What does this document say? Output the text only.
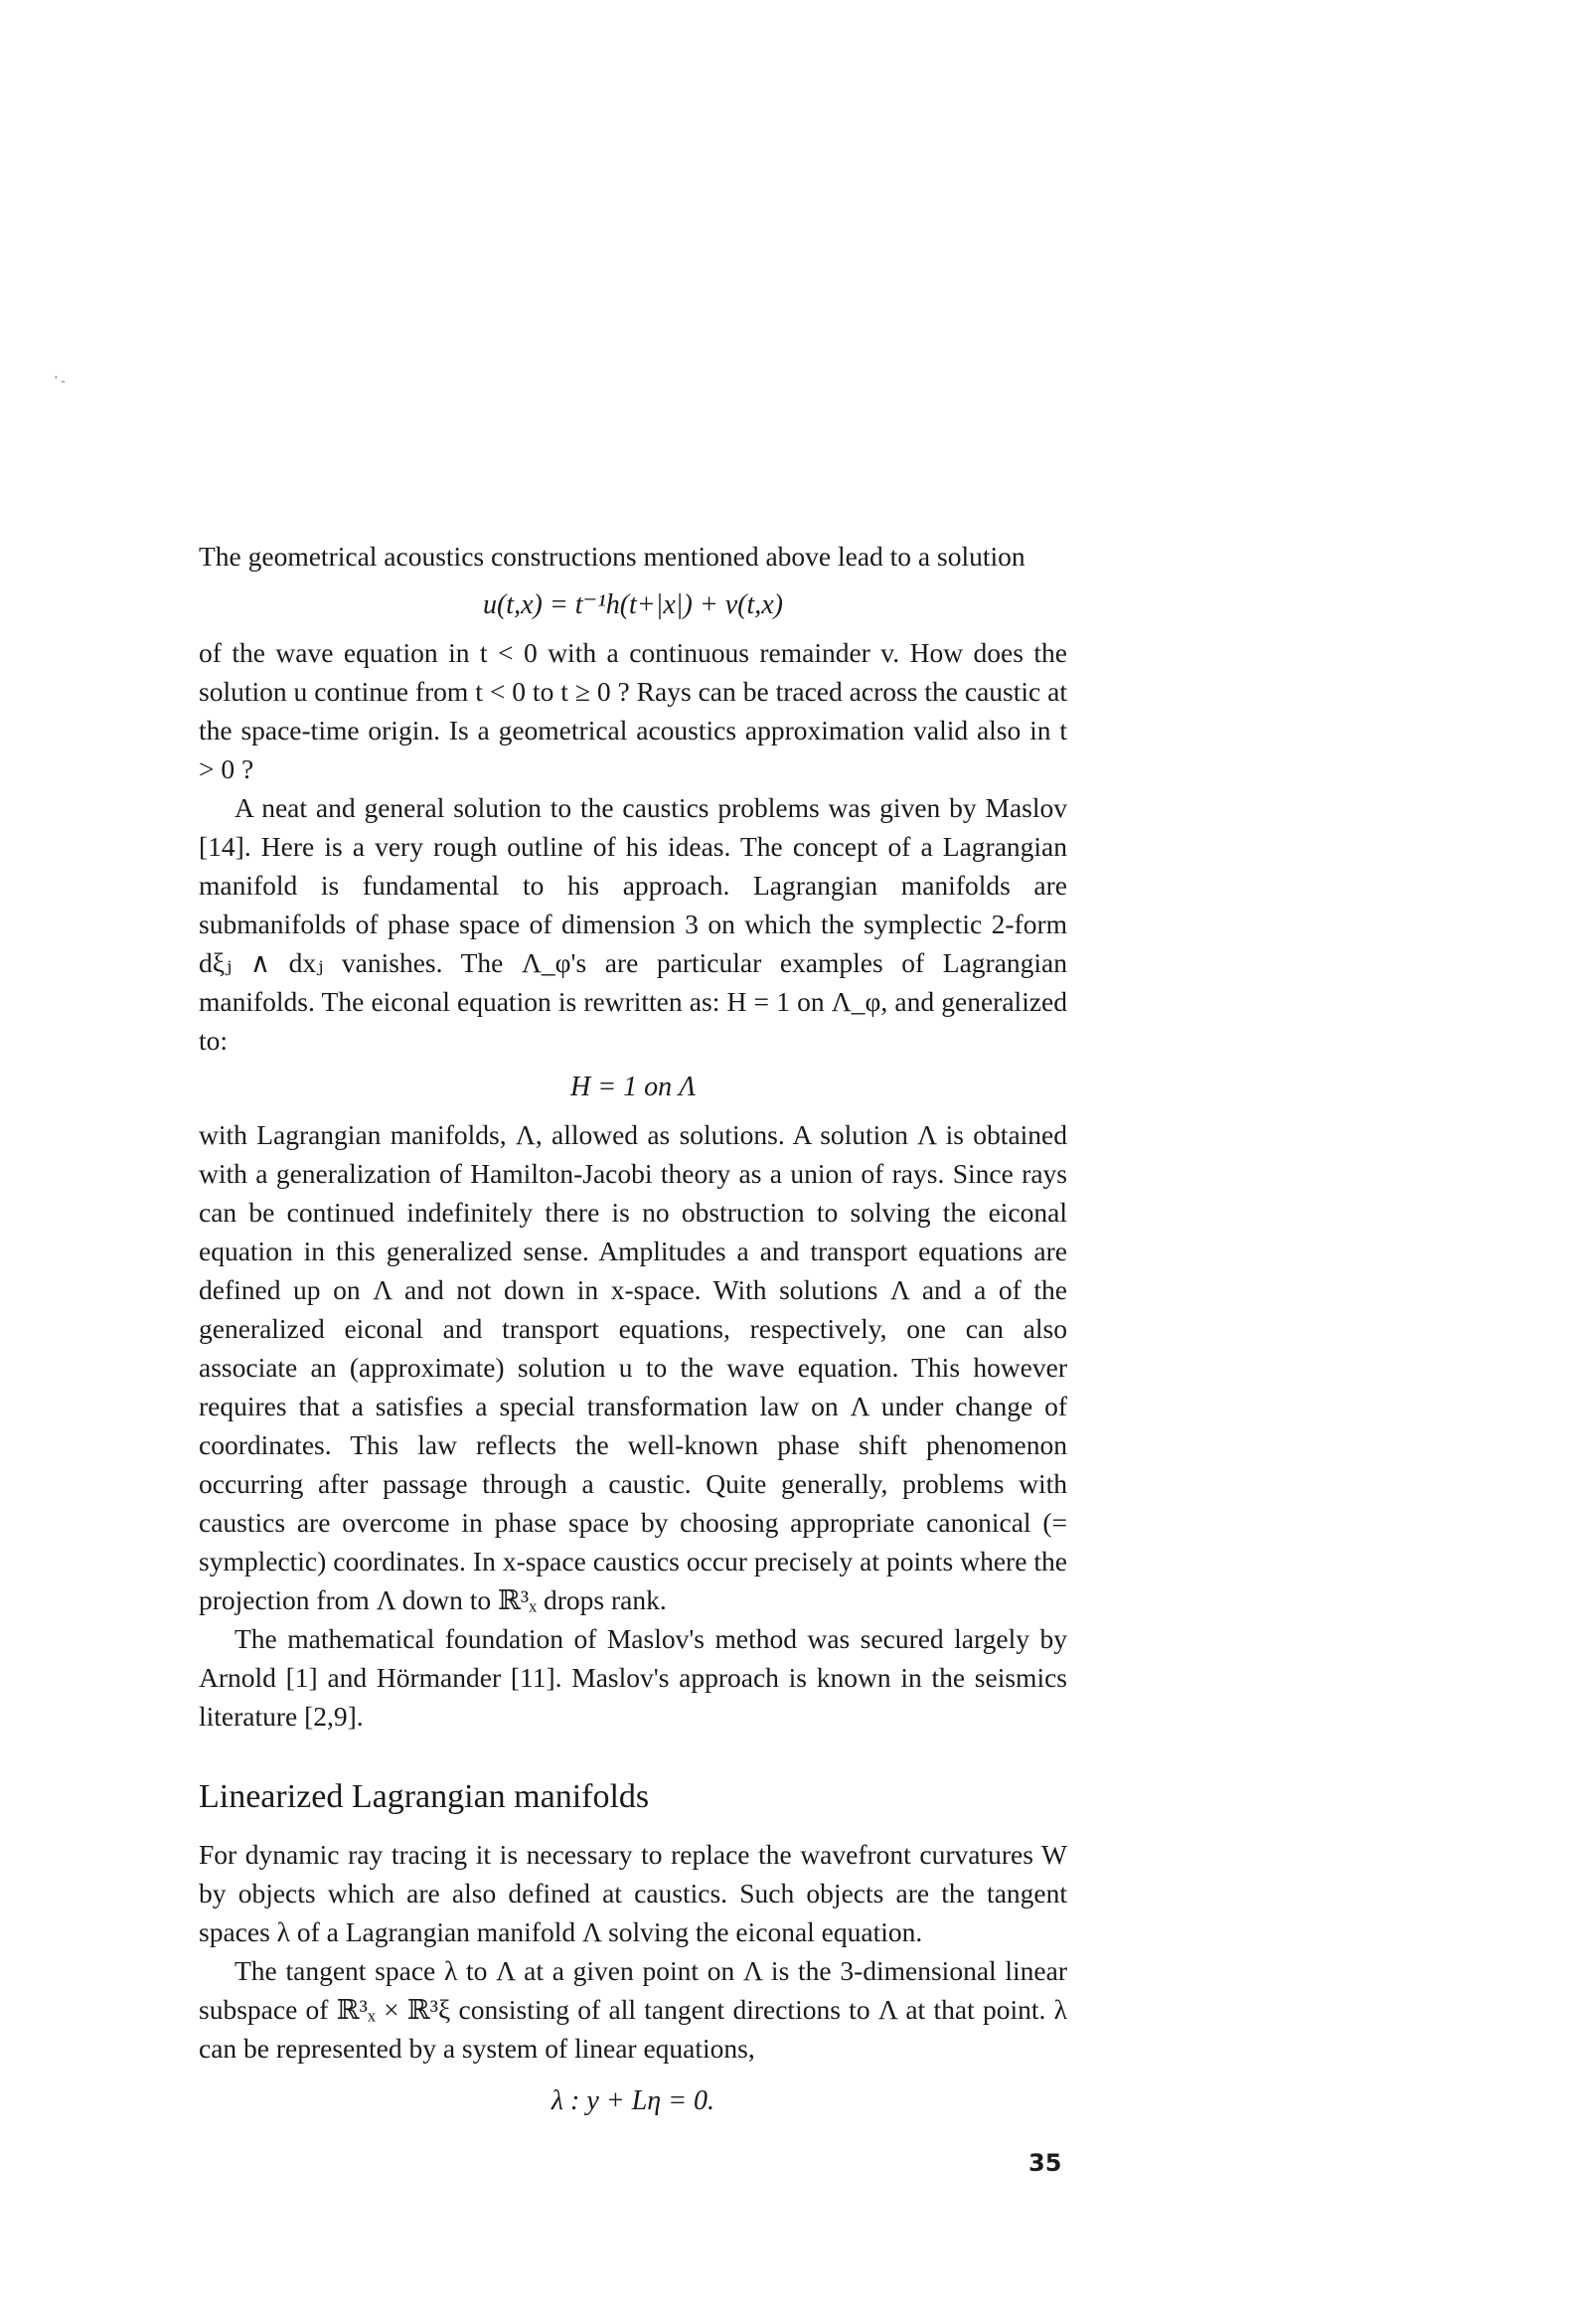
' -

The geometrical acoustics constructions mentioned above lead to a solution

u(t,x) = t⁻¹h(t+|x|) + v(t,x)

of the wave equation in t < 0 with a continuous remainder v. How does the solution u continue from t < 0 to t ≥ 0 ? Rays can be traced across the caustic at the space-time origin. Is a geometrical acoustics approximation valid also in t > 0 ?

A neat and general solution to the caustics problems was given by Maslov [14]. Here is a very rough outline of his ideas. The concept of a Lagrangian manifold is fundamental to his approach. Lagrangian manifolds are submanifolds of phase space of dimension 3 on which the symplectic 2-form dξⱼ ∧ dxⱼ vanishes. The Λ_φ's are particular examples of Lagrangian manifolds. The eiconal equation is rewritten as: H = 1 on Λ_φ, and generalized to:

H = 1 on Λ

with Lagrangian manifolds, Λ, allowed as solutions. A solution Λ is obtained with a generalization of Hamilton-Jacobi theory as a union of rays. Since rays can be continued indefinitely there is no obstruction to solving the eiconal equation in this generalized sense. Amplitudes a and transport equations are defined up on Λ and not down in x-space. With solutions Λ and a of the generalized eiconal and transport equations, respectively, one can also associate an (approximate) solution u to the wave equation. This however requires that a satisfies a special transformation law on Λ under change of coordinates. This law reflects the well-known phase shift phenomenon occurring after passage through a caustic. Quite generally, problems with caustics are overcome in phase space by choosing appropriate canonical (= symplectic) coordinates. In x-space caustics occur precisely at points where the projection from Λ down to ℝ³ₓ drops rank.

The mathematical foundation of Maslov's method was secured largely by Arnold [1] and Hörmander [11]. Maslov's approach is known in the seismics literature [2,9].

Linearized Lagrangian manifolds

For dynamic ray tracing it is necessary to replace the wavefront curvatures W by objects which are also defined at caustics. Such objects are the tangent spaces λ of a Lagrangian manifold Λ solving the eiconal equation.

The tangent space λ to Λ at a given point on Λ is the 3-dimensional linear subspace of ℝ³ₓ × ℝ³ξ consisting of all tangent directions to Λ at that point. λ can be represented by a system of linear equations,

λ : y + Lη = 0.

35
